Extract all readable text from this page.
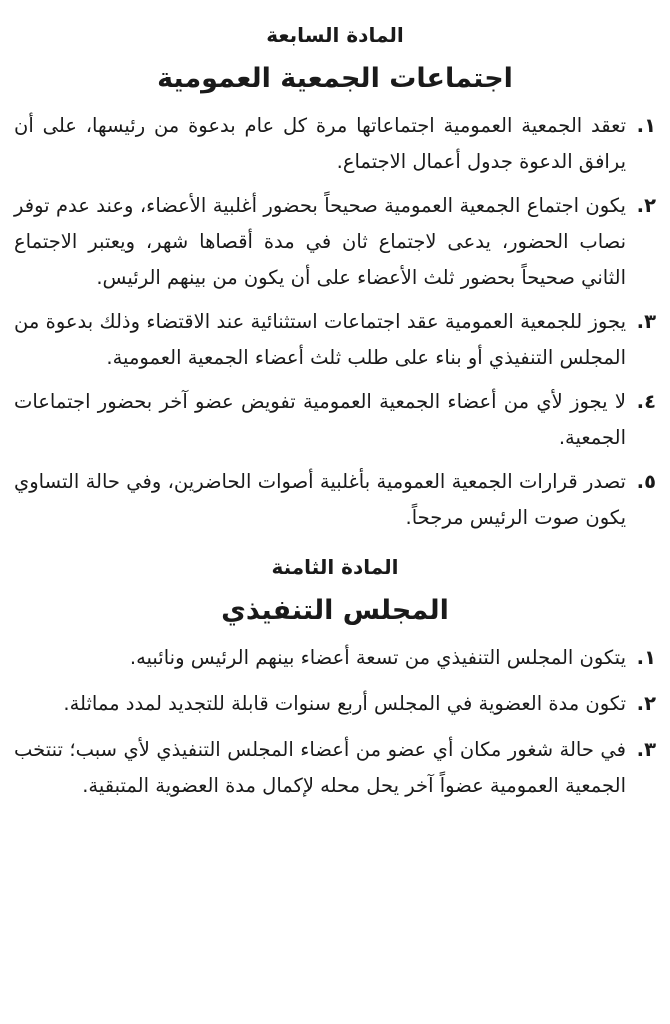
المادة السابعة
اجتماعات الجمعية العمومية
١.
تعقد الجمعية العمومية اجتماعاتها مرة كل عام بدعوة من رئيسها، على أن يرافق الدعوة جدول أعمال الاجتماع.
٢.
يكون اجتماع الجمعية العمومية صحيحاً بحضور أغلبية الأعضاء، وعند عدم توفر نصاب الحضور، يدعى لاجتماع ثان في مدة أقصاها شهر، ويعتبر الاجتماع الثاني صحيحاً بحضور ثلث الأعضاء على أن يكون من بينهم الرئيس.
٣.
يجوز للجمعية العمومية عقد اجتماعات استثنائية عند الاقتضاء وذلك بدعوة من المجلس التنفيذي أو بناء على طلب ثلث أعضاء الجمعية العمومية.
٤.
لا يجوز لأي من أعضاء الجمعية العمومية تفويض عضو آخر بحضور اجتماعات الجمعية.
٥.
تصدر قرارات الجمعية العمومية بأغلبية أصوات الحاضرين، وفي حالة التساوي يكون صوت الرئيس مرجحاً.
المادة الثامنة
المجلس التنفيذي
١.
يتكون المجلس التنفيذي من تسعة أعضاء بينهم الرئيس ونائبيه.
٢.
تكون مدة العضوية في المجلس أربع سنوات قابلة للتجديد لمدد مماثلة.
٣.
في حالة شغور مكان أي عضو من أعضاء المجلس التنفيذي لأي سبب؛ تنتخب الجمعية العمومية عضواً آخر يحل محله لإكمال مدة العضوية المتبقية.
